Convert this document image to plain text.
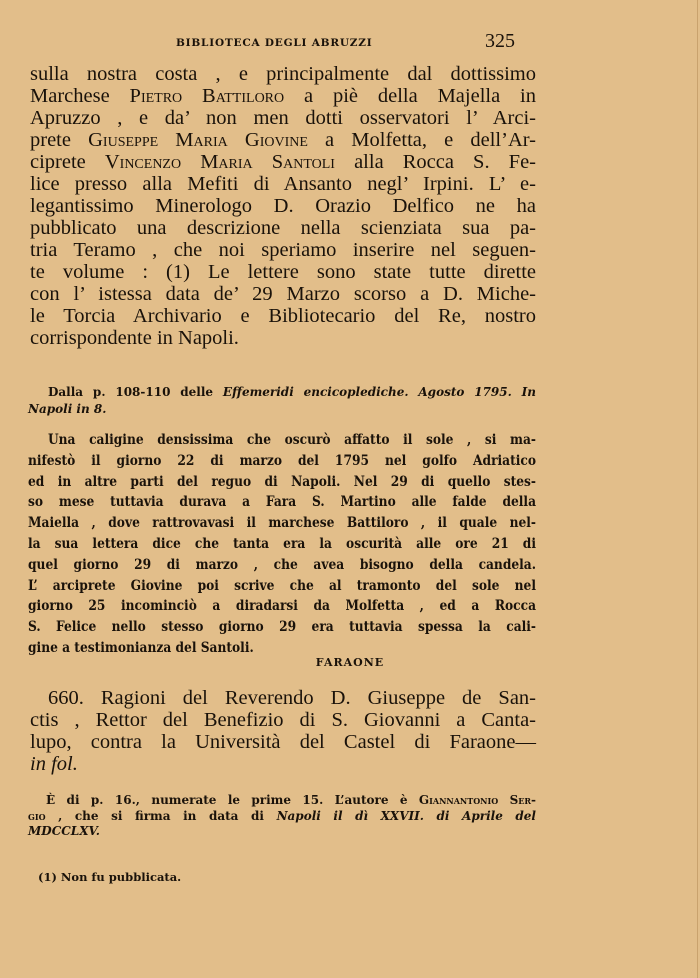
BIBLIOTECA DEGLI ABRUZZI	325
sulla nostra costa , e principalmente dal dottissimo
Marchese Pietro Battiloro a piè della Majella in
Apruzzo , e da’ non men dotti osservatori l’ Arci-
prete Giuseppe Maria Giovine a Molfetta, e dell’Ar-
ciprete Vincenzo Maria Santoli alla Rocca S. Fe-
lice presso alla Mefiti di Ansanto negl’ Irpini. L’ e-
legantissimo Minerologo D. Orazio Delfico ne ha
pubblicato una descrizione nella scienziata sua pa-
tria Teramo , che noi speriamo inserire nel seguen-
te volume : (1) Le lettere sono state tutte dirette
con l’ istessa data de’ 29 Marzo scorso a D. Miche-
le Torcia Archivario e Bibliotecario del Re, nostro
corrispondente in Napoli.
Dalla p. 108-110 delle Effemeridi encicoplediche. Agosto 1795. In
Napoli in 8.
Una caligine densissima che oscurò affatto il sole , si ma-
nifestò il giorno 22 di marzo del 1795 nel golfo Adriatico
ed in altre parti del reguo di Napoli. Nel 29 di quello stes-
so mese tuttavia durava a Fara S. Martino alle falde della
Maiella , dove rattrovavasi il marchese Battiloro , il quale nel-
la sua lettera dice che tanta era la oscurità alle ore 21 di
quel giorno 29 di marzo , che avea bisogno della candela.
L’ arciprete Giovine poi scrive che al tramonto del sole nel
giorno 25 incominciò a diradarsi da Molfetta , ed a Rocca
S. Felice nello stesso giorno 29 era tuttavia spessa la cali-
gine a testimonianza del Santoli.
FARAONE
660. Ragioni del Reverendo D. Giuseppe de San-
ctis , Rettor del Benefizio di S. Giovanni a Canta-
lupo, contra la Università del Castel di Faraone—
in fol.
È di p. 16., numerate le prime 15. L’autore è Giannantonio Ser-
gio , che si firma in data di Napoli il dì XXVII. di Aprile del
MDCCLXV.
(1) Non fu pubblicata.
